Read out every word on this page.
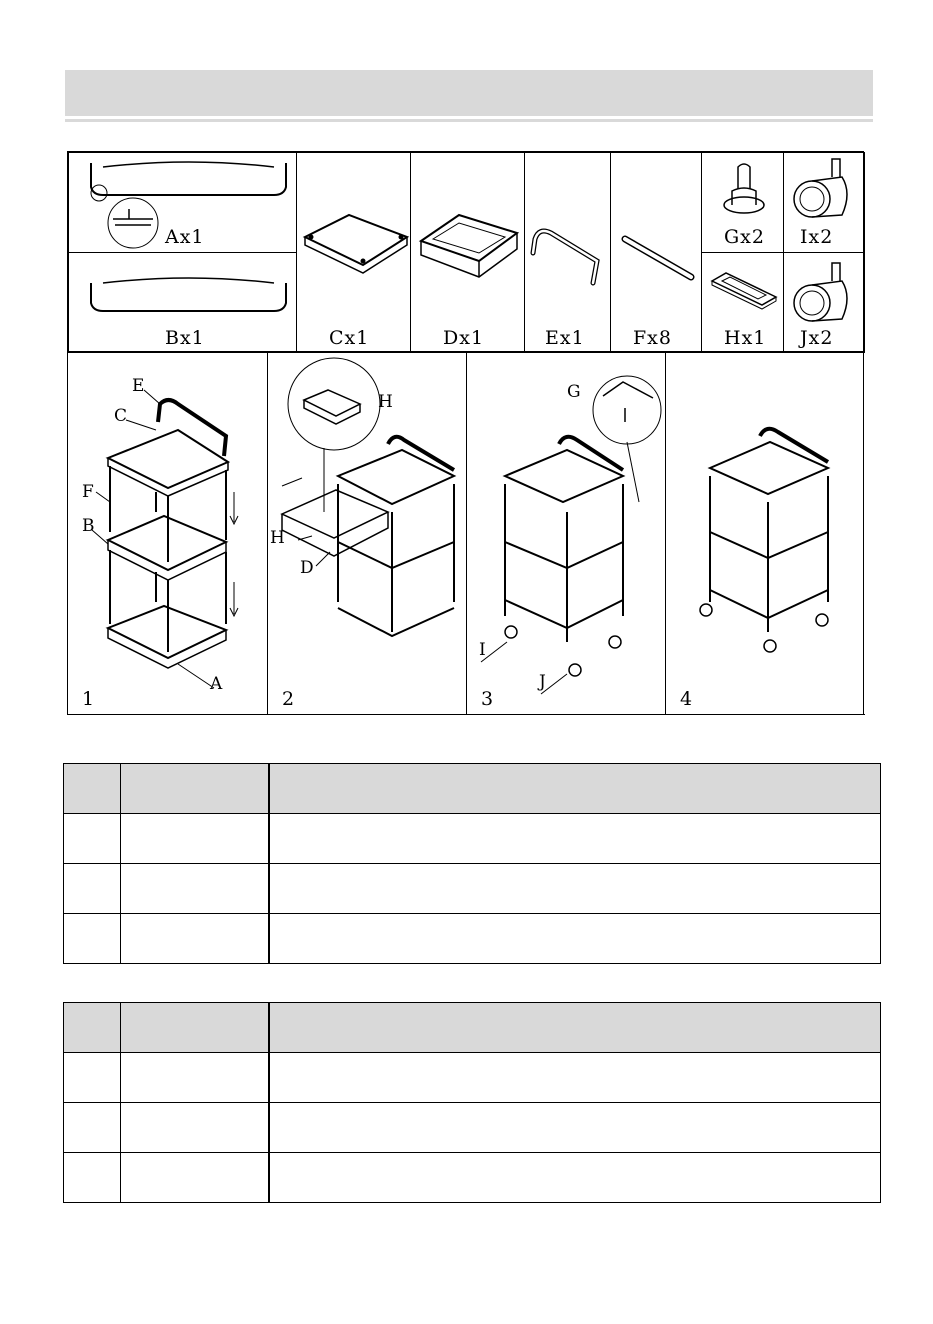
Ax1
Bx1	Cx1	Dx1	Ex1	Fx8
Gx2 Ix2
Hx1 Jx2
E
C
F
B
A
1
H
H
D
2
G
I
J
3	4
